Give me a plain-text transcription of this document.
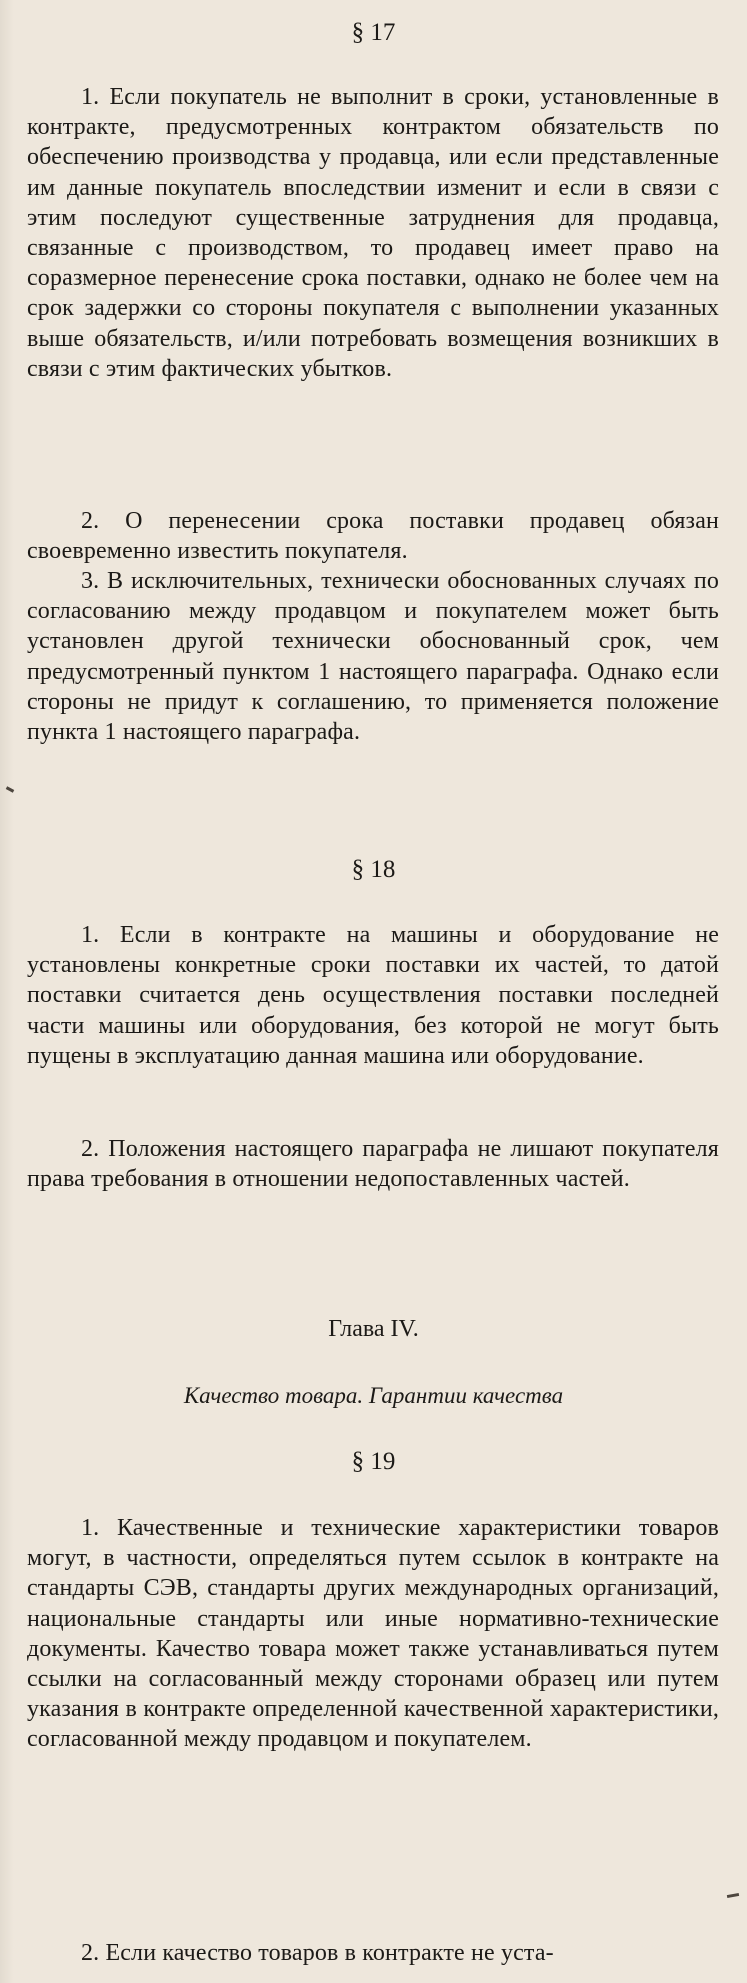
§ 17

1. Если покупатель не выполнит в сроки, установленные в контракте, предусмотренных контрактом обязательств по обеспечению производства у продавца, или если представленные им данные покупатель впоследствии изменит и если в связи с этим последуют существенные затруднения для продавца, связанные с производством, то продавец имеет право на соразмерное перенесение срока поставки, однако не более чем на срок задержки со стороны покупателя с выполнении указанных выше обязательств, и/или потребовать возмещения возникших в связи с этим фактических убытков.

2. О перенесении срока поставки продавец обязан своевременно известить покупателя.

3. В исключительных, технически обоснованных случаях по согласованию между продавцом и покупателем может быть установлен другой технически обоснованный срок, чем предусмотренный пунктом 1 настоящего параграфа. Однако если стороны не придут к соглашению, то применяется положение пункта 1 настоящего параграфа.

§ 18

1. Если в контракте на машины и оборудование не установлены конкретные сроки поставки их частей, то датой поставки считается день осуществления поставки последней части машины или оборудования, без которой не могут быть пущены в эксплуатацию данная машина или оборудование.

2. Положения настоящего параграфа не лишают покупателя права требования в отношении недопоставленных частей.

Глава IV.
Качество товара. Гарантии качества
§ 19

1. Качественные и технические характеристики товаров могут, в частности, определяться путем ссылок в контракте на стандарты СЭВ, стандарты других международных организаций, национальные стандарты или иные нормативно-технические документы. Качество товара может также устанавливаться путем ссылки на согласованный между сторонами образец или путем указания в контракте определенной качественной характеристики, согласованной между продавцом и покупателем.

2. Если качество товаров в контракте не уста-
